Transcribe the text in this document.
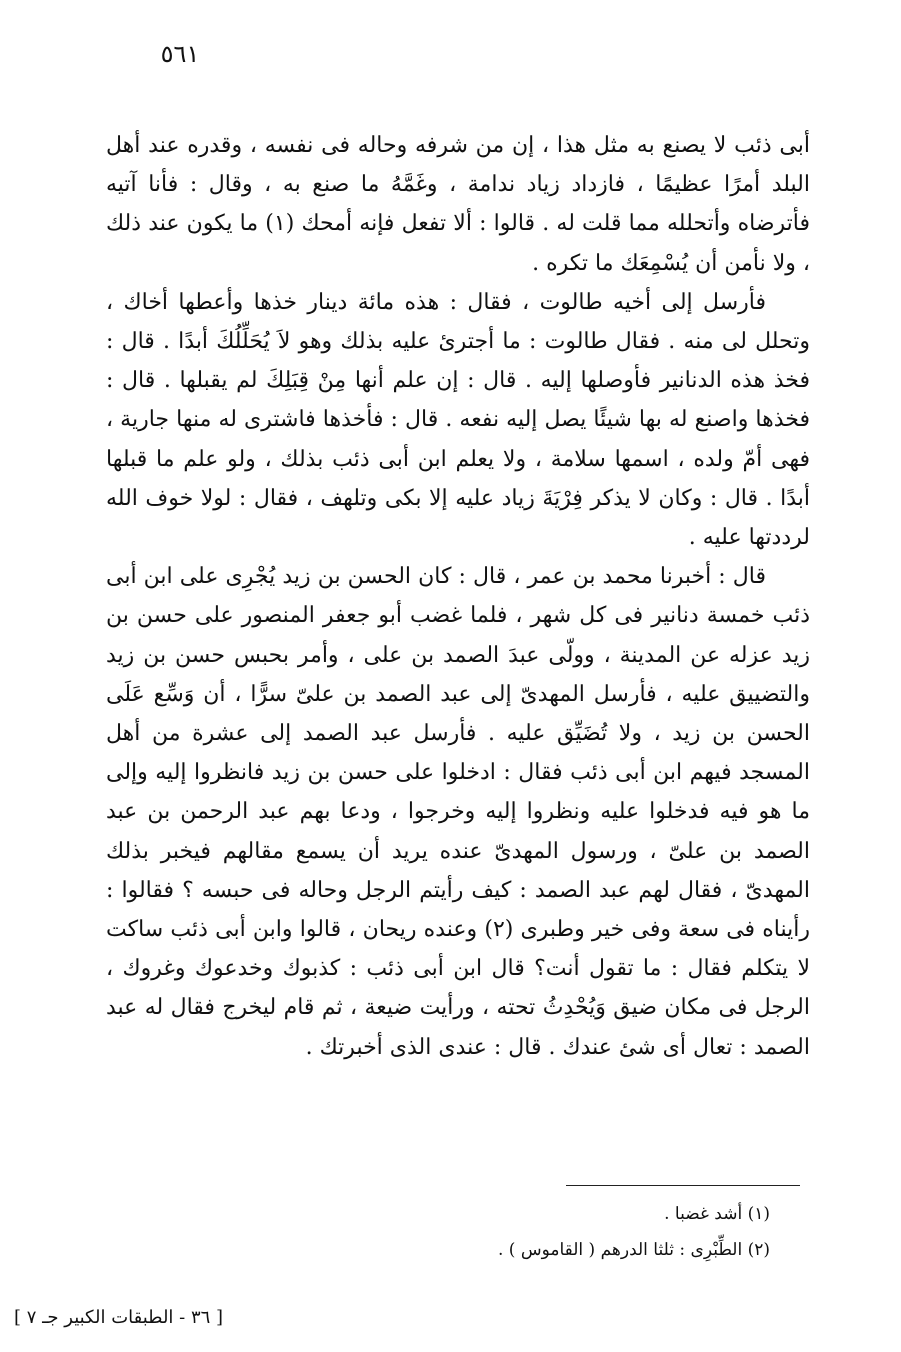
٥٦١

أبى ذئب لا يصنع به مثل هذا ، إن من شرفه وحاله فى نفسه ، وقدره عند أهل البلد أمرًا عظيمًا ، فازداد زياد ندامة ، وغَمَّهُ ما صنع به ، وقال : فأنا آتيه فأترضاه وأتحلله مما قلت له . قالوا : ألا تفعل فإنه أمحك (١) ما يكون عند ذلك ، ولا نأمن أن يُسْمِعَك ما تكره .

فأرسل إلى أخيه طالوت ، فقال : هذه مائة دينار خذها وأعطها أخاك ، وتحلل لى منه . فقال طالوت : ما أجترئ عليه بذلك وهو لاَ يُحَلِّلُكَ أبدًا . قال : فخذ هذه الدنانير فأوصلها إليه . قال : إن علم أنها مِنْ قِبَلِكَ لم يقبلها . قال : فخذها واصنع له بها شيئًا يصل إليه نفعه . قال : فأخذها فاشترى له منها جارية ، فهى أمّ ولده ، اسمها سلامة ، ولا يعلم ابن أبى ذئب بذلك ، ولو علم ما قبلها أبدًا . قال : وكان لا يذكر فِرْيَةَ زياد عليه إلا بكى وتلهف ، فقال : لولا خوف الله لرددتها عليه .

قال : أخبرنا محمد بن عمر ، قال : كان الحسن بن زيد يُجْرِى على ابن أبى ذئب خمسة دنانير فى كل شهر ، فلما غضب أبو جعفر المنصور على حسن بن زيد عزله عن المدينة ، وولّى عبدَ الصمد بن على ، وأمر بحبس حسن بن زيد والتضييق عليه ، فأرسل المهدىّ إلى عبد الصمد بن علىّ سرًّا ، أن وَسِّع عَلَى الحسن بن زيد ، ولا تُضَيِّق عليه . فأرسل عبد الصمد إلى عشرة من أهل المسجد فيهم ابن أبى ذئب فقال : ادخلوا على حسن بن زيد فانظروا إليه وإلى ما هو فيه فدخلوا عليه ونظروا إليه وخرجوا ، ودعا بهم عبد الرحمن بن عبد الصمد بن علىّ ، ورسول المهدىّ عنده يريد أن يسمع مقالهم فيخبر بذلك المهدىّ ، فقال لهم عبد الصمد : كيف رأيتم الرجل وحاله فى حبسه ؟ فقالوا : رأيناه فى سعة وفى خير وطبرى (٢) وعنده ريحان ، قالوا وابن أبى ذئب ساكت لا يتكلم فقال : ما تقول أنت؟ قال ابن أبى ذئب : كذبوك وخدعوك وغروك ، الرجل فى مكان ضيق وَيُحْدِثُ تحته ، ورأيت ضيعة ، ثم قام ليخرج فقال له عبد الصمد : تعال أى شئ عندك . قال : عندى الذى أخبرتك .

(١) أشد غضبا .

(٢) الطِّبْرِى : ثلثا الدرهم ( القاموس ) .

[ ٣٦ - الطبقات الكبير جـ ٧ ]
